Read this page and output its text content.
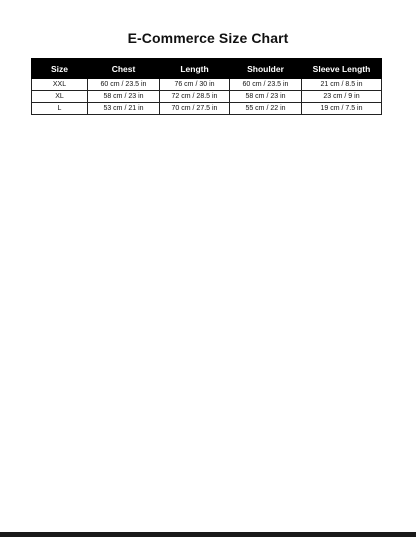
E-Commerce Size Chart
Size	Chest	Length	Shoulder	Sleeve Length
XXL	60 cm / 23.5 in	76 cm / 30 in	60 cm / 23.5 in	21 cm / 8.5 in
XL	58 cm / 23 in	72 cm / 28.5 in	58 cm / 23 in	23 cm / 9 in
L	53 cm / 21 in	70 cm / 27.5 in	55 cm / 22 in	19 cm / 7.5 in
